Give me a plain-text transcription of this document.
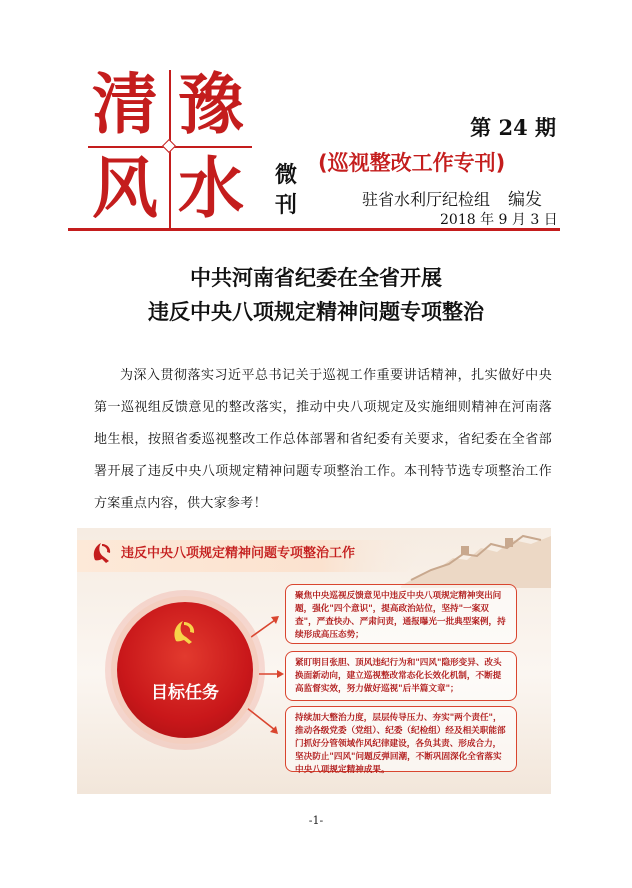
清 豫
风 水 微
刊
第 24 期
(巡视整改工作专刊)
驻省水利厅纪检组 编发
2018 年 9 月 3 日
中共河南省纪委在全省开展
违反中央八项规定精神问题专项整治
为深入贯彻落实习近平总书记关于巡视工作重要讲话精神，扎实做好中央第一巡视组反馈意见的整改落实，推动中央八项规定及实施细则精神在河南落地生根，按照省委巡视整改工作总体部署和省纪委有关要求，省纪委在全省部署开展了违反中央八项规定精神问题专项整治工作。本刊特节选专项整治工作方案重点内容，供大家参考！
违反中央八项规定精神问题专项整治工作
目标任务
聚焦中央巡视反馈意见中违反中央八项规定精神突出问题，强化"四个意识"，提高政治站位，坚持"一案双查"，严查快办、严肃问责，通报曝光一批典型案例，持续形成高压态势；
紧盯明目张胆、顶风违纪行为和"四风"隐形变异、改头换面新动向，建立巡视整改常态化长效化机制，不断提高监督实效，努力做好巡视"后半篇文章"；
持续加大整治力度，层层传导压力、夯实"两个责任"，推动各级党委（党组）、纪委（纪检组）经及相关职能部门抓好分管领域作风纪律建设，各负其责、形成合力，坚决防止"四风"问题反弹回潮，不断巩固深化全省落实中央八项规定精神成果。
-1-
